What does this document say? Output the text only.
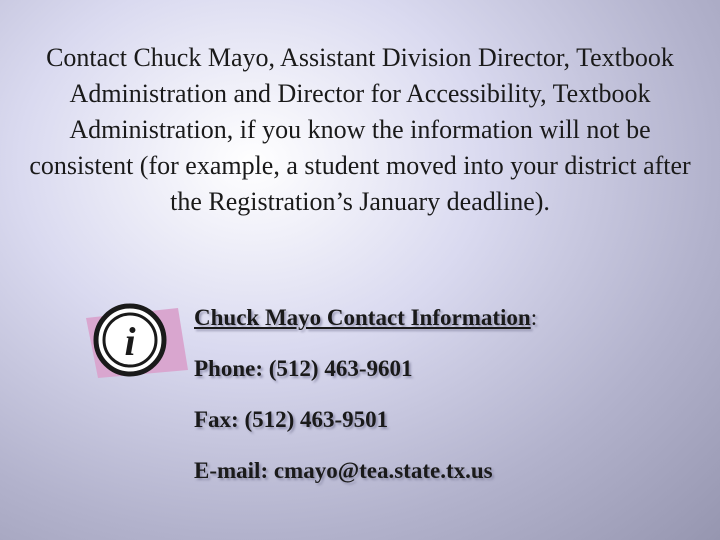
Contact Chuck Mayo, Assistant Division Director, Textbook Administration and Director for Accessibility, Textbook Administration, if you know the information will not be consistent (for example, a student moved into your district after the Registration’s January deadline).

i
Chuck Mayo Contact Information:
Phone: (512) 463-9601
Fax: (512) 463-9501
E-mail: cmayo@tea.state.tx.us
